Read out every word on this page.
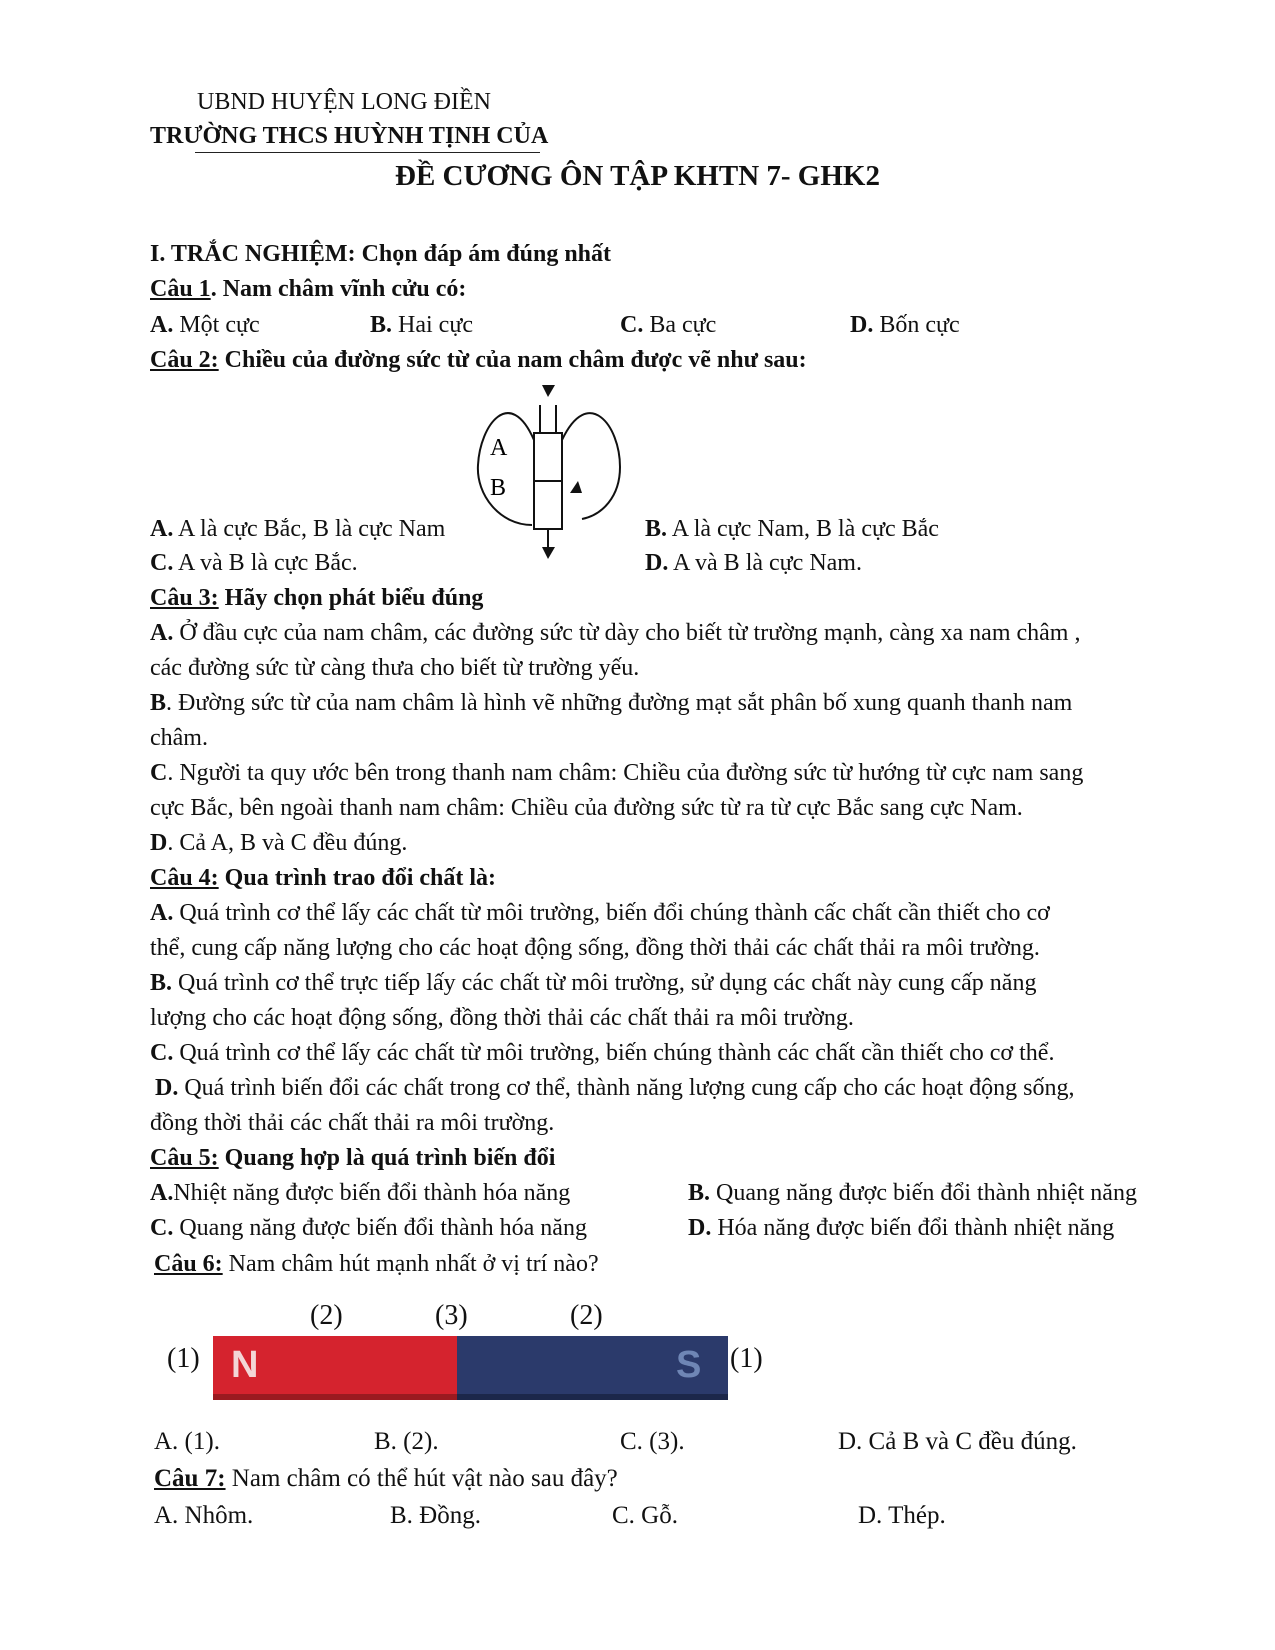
UBND HUYỆN LONG ĐIỀN
TRƯỜNG THCS HUỲNH TỊNH CỦA
ĐỀ CƯƠNG ÔN TẬP KHTN 7- GHK2
I. TRẮC NGHIỆM: Chọn đáp ám đúng nhất
Câu 1. Nam châm vĩnh cửu có:
A. Một cực	B. Hai cực	C. Ba cực	D. Bốn cực
Câu 2: Chiều của đường sức từ của nam châm được vẽ như sau:
A
B
A. A là cực Bắc, B là cực Nam	B. A là cực Nam, B là cực Bắc
C. A và B là cực Bắc.	D. A và B là cực Nam.
Câu 3: Hãy chọn phát biểu đúng
A. Ở đầu cực của nam châm, các đường sức từ dày cho biết từ trường mạnh, càng xa nam châm ,
các đường sức từ càng thưa cho biết từ trường yếu.
B. Đường sức từ của nam châm là hình vẽ những đường mạt sắt phân bố xung quanh thanh nam
châm.
C. Người ta quy ước bên trong thanh nam châm: Chiều của đường sức từ hướng từ cực nam sang
cực Bắc, bên ngoài thanh nam châm: Chiều của đường sức từ ra từ cực Bắc sang cực Nam.
D. Cả A, B và C đều đúng.
Câu 4: Qua trình trao đổi chất là:
A. Quá trình cơ thể lấy các chất từ môi trường, biến đổi chúng thành cấc chất cần thiết cho cơ
thể, cung cấp năng lượng cho các hoạt động sống, đồng thời thải các chất thải ra môi trường.
B. Quá trình cơ thể trực tiếp lấy các chất từ môi trường, sử dụng các chất này cung cấp năng
lượng cho các hoạt động sống, đồng thời thải các chất thải ra môi trường.
C. Quá trình cơ thể lấy các chất từ môi trường, biến chúng thành các chất cần thiết cho cơ thể.
D. Quá trình biến đổi các chất trong cơ thể, thành năng lượng cung cấp cho các hoạt động sống,
đồng thời thải các chất thải ra môi trường.
Câu 5: Quang hợp là quá trình biến đổi
A.Nhiệt năng được biến đổi thành hóa năng	B. Quang năng được biến đổi thành nhiệt năng
C. Quang năng được biến đổi thành hóa năng	D. Hóa năng được biến đổi thành nhiệt năng
Câu 6: Nam châm hút mạnh nhất ở vị trí nào?
(2)	(3)	(2)
(1)	(1)
N	S
A. (1).	B. (2).	C. (3).	D. Cả B và C đều đúng.
Câu 7: Nam châm có thể hút vật nào sau đây?
A. Nhôm.	B. Đồng.	C. Gỗ.	D. Thép.
